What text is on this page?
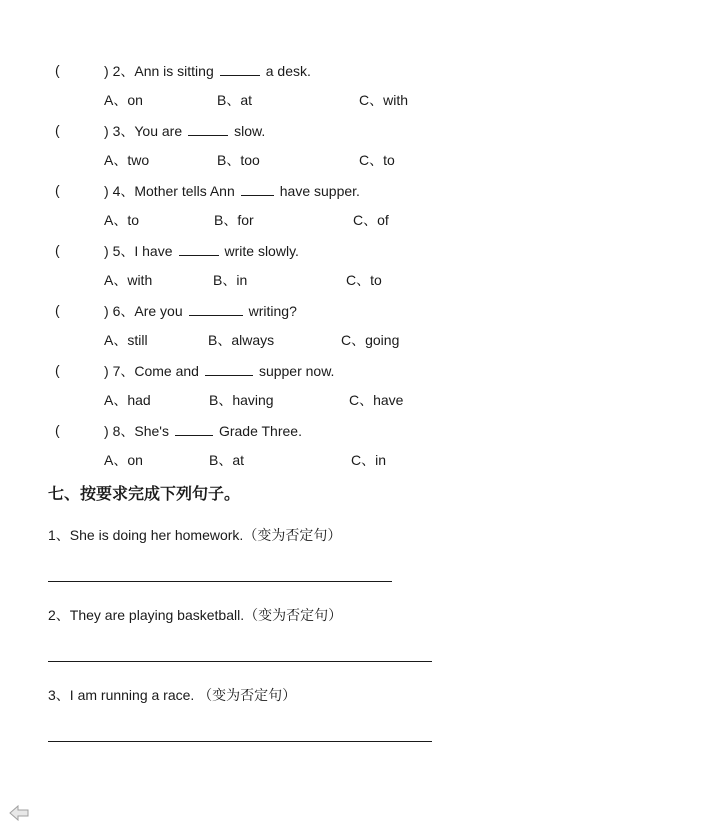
(	) 2、Ann is sitting	a desk.
A、on	B、at	C、with
(	) 3、You are	slow.
A、two	B、too	C、to
(	) 4、Mother tells Ann	have supper.
A、to	B、for	C、of
(	) 5、I have	write slowly.
A、with	B、in	C、to
(	) 6、Are you	writing?
A、still	B、always	C、going
(	) 7、Come and	supper now.
A、had	B、having	C、have
(	) 8、She's	Grade Three.
A、on	B、at	C、in
七、按要求完成下列句子。
1、She is doing her homework.（变为否定句）
2、They are playing basketball.（变为否定句）
3、I am running a race. （变为否定句）
